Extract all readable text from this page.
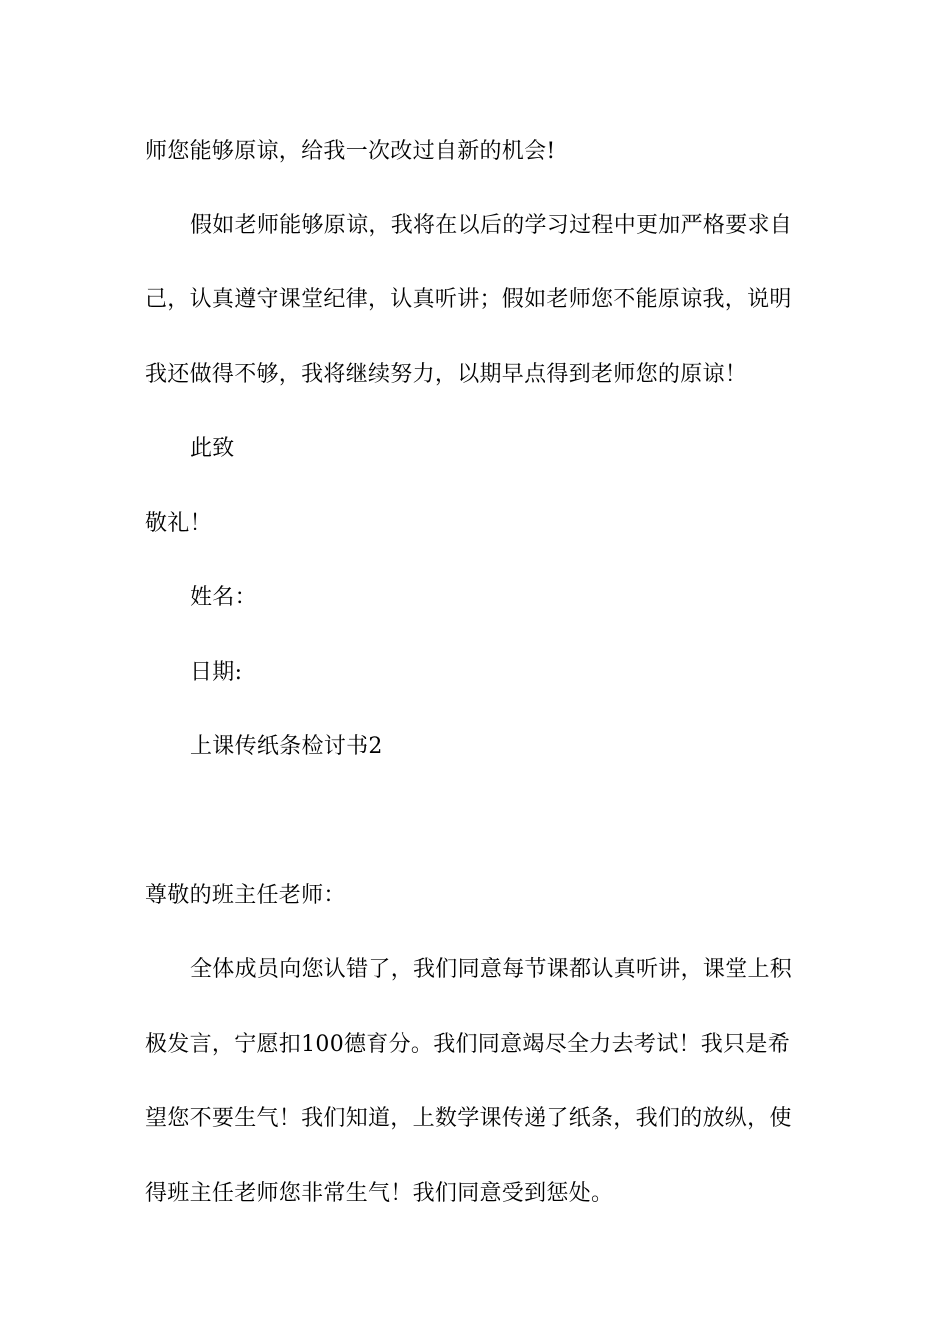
师您能够原谅，给我一次改过自新的机会!
假如老师能够原谅，我将在以后的学习过程中更加严格要求自
己，认真遵守课堂纪律，认真听讲；假如老师您不能原谅我，说明
我还做得不够，我将继续努力，以期早点得到老师您的原谅！
此致
敬礼！
姓名：
日期:
上课传纸条检讨书2
尊敬的班主任老师：
全体成员向您认错了，我们同意每节课都认真听讲，课堂上积
极发言，宁愿扣100德育分。我们同意竭尽全力去考试！我只是希
望您不要生气！我们知道，上数学课传递了纸条，我们的放纵，使
得班主任老师您非常生气！我们同意受到惩处。
